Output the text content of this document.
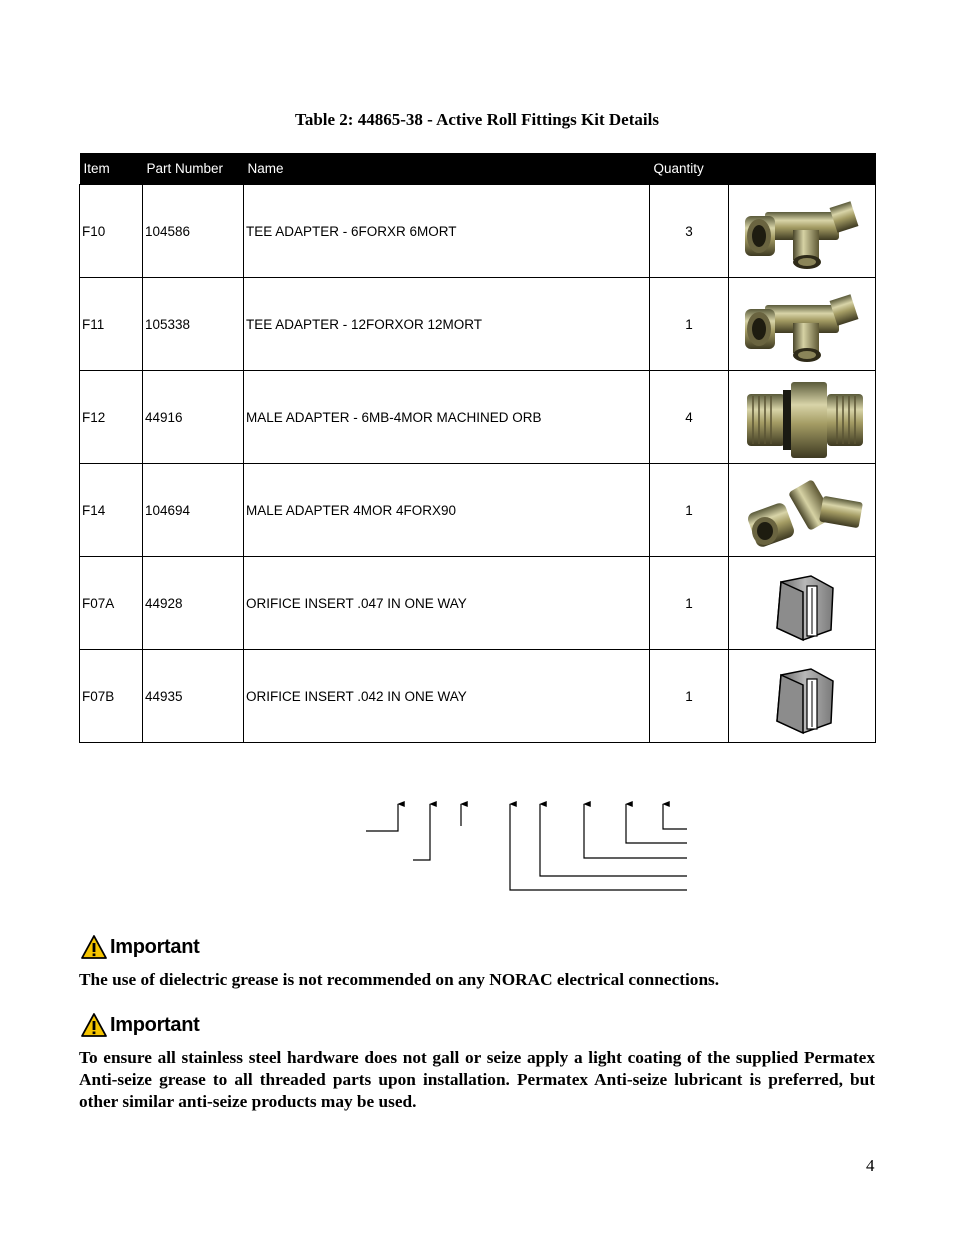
Table 2: 44865-38 - Active Roll Fittings Kit Details
Item	Part Number	Name	Quantity	
F10	104586	TEE ADAPTER - 6FORXR 6MORT	3	

F11	105338	TEE ADAPTER - 12FORXOR 12MORT	1	

F12	44916	MALE ADAPTER - 6MB-4MOR MACHINED ORB	4	

F14	104694	MALE ADAPTER 4MOR 4FORX90	1	

F07A	44928	ORIFICE INSERT .047 IN ONE WAY	1	

F07B	44935	ORIFICE INSERT .042 IN ONE WAY	1	
Important
The use of dielectric grease is not recommended on any NORAC electrical connections.
Important
To ensure all stainless steel hardware does not gall or seize apply a light coating of the supplied Permatex Anti-seize grease to all threaded parts upon installation. Permatex Anti-seize lubricant is preferred, but other similar anti-seize products may be used.
4
